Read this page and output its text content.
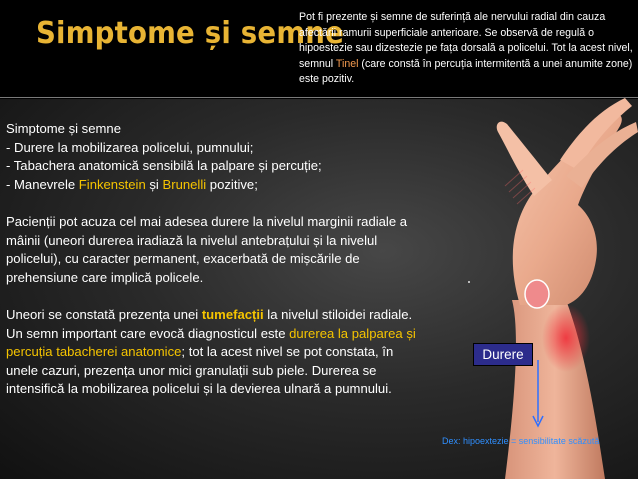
Simptome și semne
Pot fi prezente și semne de suferință ale nervului radial din cauza afectării ramurii superficiale anterioare. Se observă de regulă o hipoestezie sau dizestezie pe fața dorsală a policelui. Tot la acest nivel, semnul Tinel (care constă în percuția intermitentă a unei anumite zone) este pozitiv.

Simptome și semne

- Durere la mobilizarea policelui, pumnului;

- Tabachera anatomică sensibilă la palpare și percuție;

- Manevrele Finkenstein și Brunelli pozitive;

Pacienții pot acuza cel mai adesea durere la nivelul marginii radiale a mâinii (uneori durerea iradiază la nivelul antebrațului și la nivelul policelui), cu caracter permanent, exacerbată de mișcările de prehensiune care implică policele.

Uneori se constată prezența unei tumefacții la nivelul stiloidei radiale. Un semn important care evocă diagnosticul este durerea la palparea și percuția tabacherei anatomice; tot la acest nivel se pot constata, în unele cazuri, prezența unor mici granulații sub piele. Durerea se intensifică la mobilizarea policelui și la devierea ulnară a pumnului.

Durere
Dex: hipoextezie = sensibilitate scăzută
